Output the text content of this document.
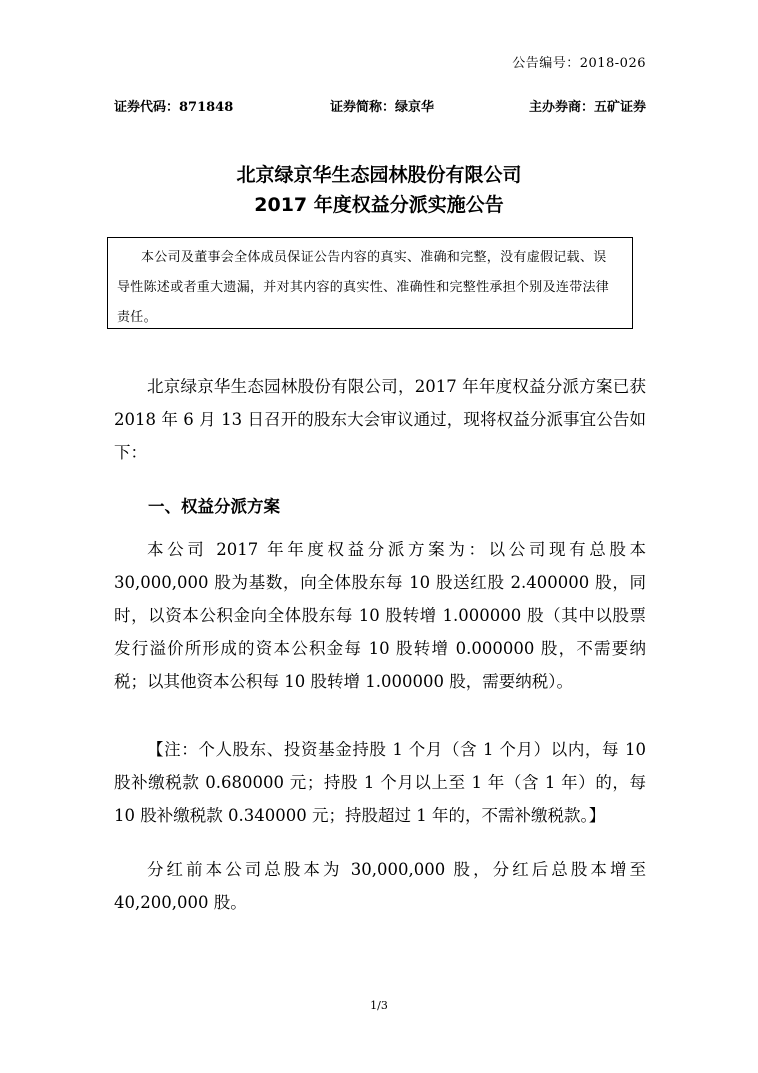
公告编号：2018-026
证券代码：871848	证券简称：绿京华	主办券商：五矿证券
北京绿京华生态园林股份有限公司
2017 年度权益分派实施公告

本公司及董事会全体成员保证公告内容的真实、准确和完整，没有虚假记载、误导性陈述或者重大遗漏，并对其内容的真实性、准确性和完整性承担个别及连带法律责任。

北京绿京华生态园林股份有限公司，2017 年年度权益分派方案已获 2018 年 6 月 13 日召开的股东大会审议通过，现将权益分派事宜公告如下：

一、权益分派方案

本公司 2017 年年度权益分派方案为：以公司现有总股本 30,000,000 股为基数，向全体股东每 10 股送红股 2.400000 股，同时，以资本公积金向全体股东每 10 股转增 1.000000 股（其中以股票发行溢价所形成的资本公积金每 10 股转增 0.000000 股，不需要纳税；以其他资本公积每 10 股转增 1.000000 股，需要纳税）。

【注：个人股东、投资基金持股 1 个月（含 1 个月）以内，每 10 股补缴税款 0.680000 元；持股 1 个月以上至 1 年（含 1 年）的，每 10 股补缴税款 0.340000 元；持股超过 1 年的，不需补缴税款。】

分红前本公司总股本为 30,000,000 股，分红后总股本增至 40,200,000 股。

1/3
